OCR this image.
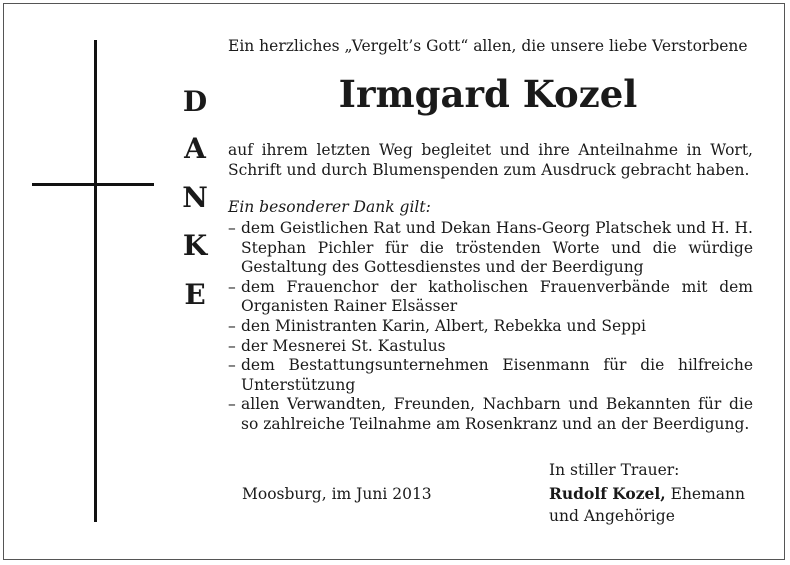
D
A
N
K
E
Ein herzliches „Vergelt’s Gott“ allen, die unsere liebe Verstorbene
Irmgard Kozel
auf ihrem letzten Weg begleitet und ihre Anteilnahme in Wort, Schrift und durch Blumenspenden zum Ausdruck gebracht haben.
Ein besonderer Dank gilt:
– dem Geistlichen Rat und Dekan Hans-Georg Platschek und H. H. Stephan Pichler für die tröstenden Worte und die würdige Gestaltung des Gottesdienstes und der Beerdigung
– dem Frauenchor der katholischen Frauenverbände mit dem Organisten Rainer Elsässer
– den Ministranten Karin, Albert, Rebekka und Seppi
– der Mesnerei St. Kastulus
– dem Bestattungsunternehmen Eisenmann für die hilfreiche Unterstützung
– allen Verwandten, Freunden, Nachbarn und Bekannten für die so zahlreiche Teilnahme am Rosenkranz und an der Beerdigung.
Moosburg, im Juni 2013
In stiller Trauer:
Rudolf Kozel, Ehemann
und Angehörige
